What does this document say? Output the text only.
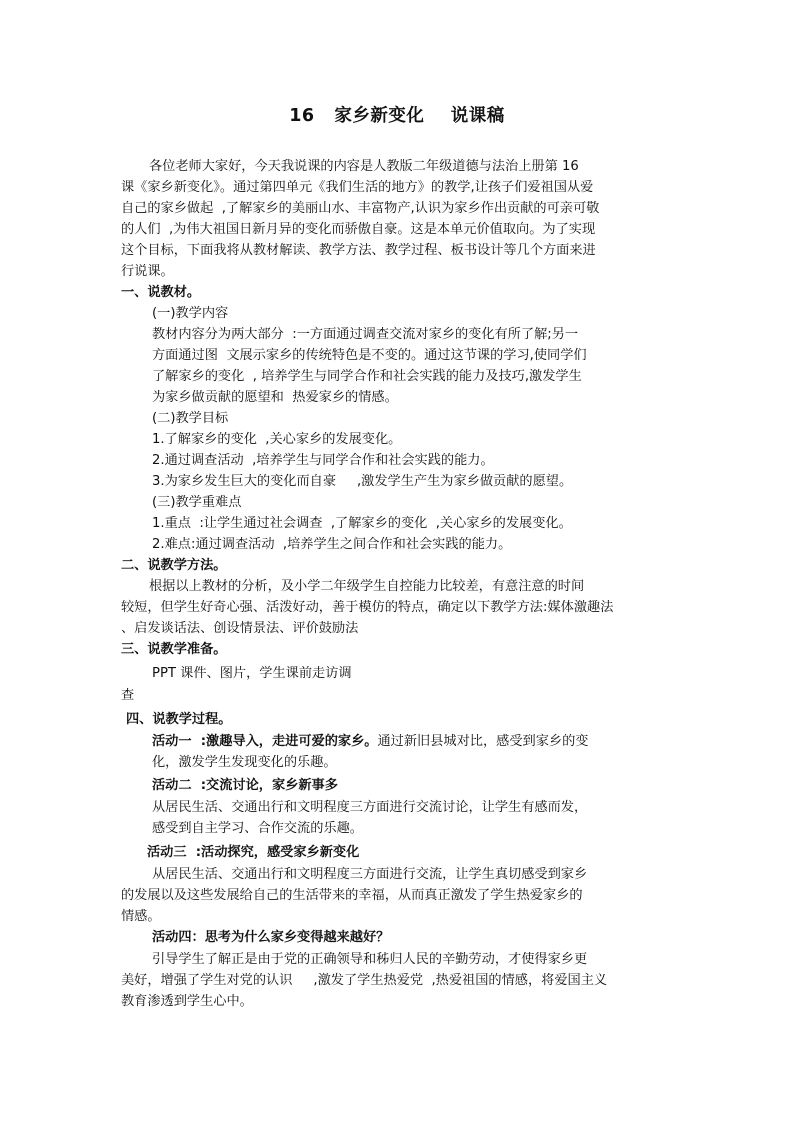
16   家乡新变化    说课稿
各位老师大家好，今天我说课的内容是人教版二年级道德与法治上册第 16
课《家乡新变化》。通过第四单元《我们生活的地方》的教学,让孩子们爱祖国从爱
自己的家乡做起  ,了解家乡的美丽山水、丰富物产,认识为家乡作出贡献的可亲可敬
的人们  ,为伟大祖国日新月异的变化而骄傲自豪。这是本单元价值取向。为了实现
这个目标，下面我将从教材解读、教学方法、教学过程、板书设计等几个方面来进
行说课。
一、说教材。
(一)教学内容
教材内容分为两大部分  :一方面通过调查交流对家乡的变化有所了解;另一
方面通过图  文展示家乡的传统特色是不变的。通过这节课的学习,使同学们
了解家乡的变化  , 培养学生与同学合作和社会实践的能力及技巧,激发学生
为家乡做贡献的愿望和  热爱家乡的情感。
(二)教学目标
1.了解家乡的变化  ,关心家乡的发展变化。
2.通过调查活动  ,培养学生与同学合作和社会实践的能力。
3.为家乡发生巨大的变化而自豪     ,激发学生产生为家乡做贡献的愿望。
(三)教学重难点
1.重点  :让学生通过社会调查  ,了解家乡的变化  ,关心家乡的发展变化。
2.难点:通过调查活动  ,培养学生之间合作和社会实践的能力。
二、说教学方法。
根据以上教材的分析，及小学二年级学生自控能力比较差，有意注意的时间
较短，但学生好奇心强、活泼好动，善于模仿的特点，确定以下教学方法:媒体激趣法
、启发谈话法、创设情景法、评价鼓励法
三、说教学准备。
PPT 课件、图片，学生课前走访调
查
四、说教学过程。
活动一  :激趣导入，走进可爱的家乡。通过新旧县城对比，感受到家乡的变
化，激发学生发现变化的乐趣。
活动二  :交流讨论，家乡新事多
从居民生活、交通出行和文明程度三方面进行交流讨论，让学生有感而发，
感受到自主学习、合作交流的乐趣。
活动三  :活动探究，感受家乡新变化
从居民生活、交通出行和文明程度三方面进行交流，让学生真切感受到家乡
的发展以及这些发展给自己的生活带来的幸福，从而真正激发了学生热爱家乡的
情感。
活动四：思考为什么家乡变得越来越好？
引导学生了解正是由于党的正确领导和秭归人民的辛勤劳动，才使得家乡更
美好，增强了学生对党的认识     ,激发了学生热爱党  ,热爱祖国的情感，将爱国主义
教育渗透到学生心中。
